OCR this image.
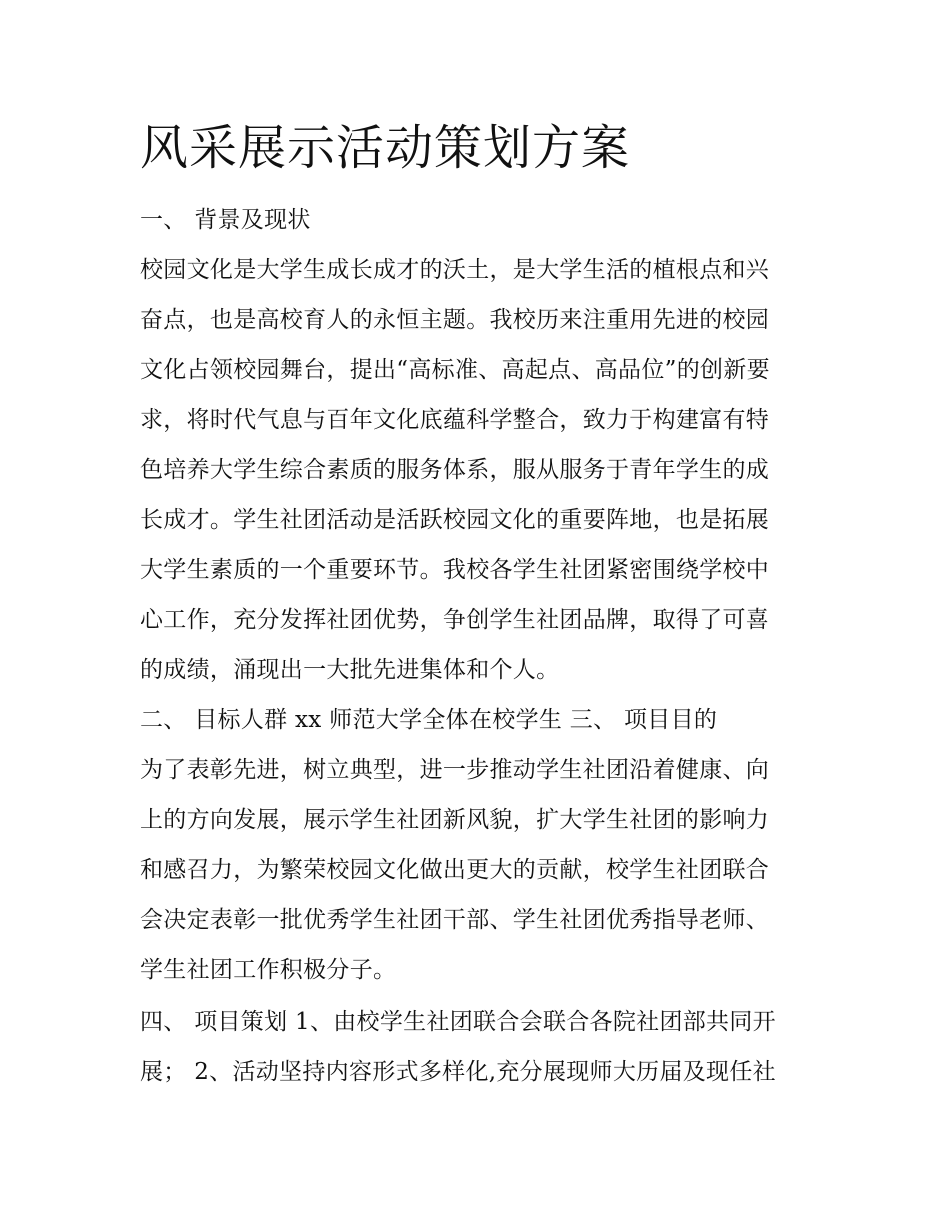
风采展示活动策划方案

一、 背景及现状

校园文化是大学生成长成才的沃土，是大学生活的植根点和兴

奋点，也是高校育人的永恒主题。我校历来注重用先进的校园

文化占领校园舞台，提出“高标准、高起点、高品位”的创新要

求，将时代气息与百年文化底蕴科学整合，致力于构建富有特

色培养大学生综合素质的服务体系，服从服务于青年学生的成

长成才。学生社团活动是活跃校园文化的重要阵地，也是拓展

大学生素质的一个重要环节。我校各学生社团紧密围绕学校中

心工作，充分发挥社团优势，争创学生社团品牌，取得了可喜

的成绩，涌现出一大批先进集体和个人。

二、 目标人群 xx 师范大学全体在校学生 三、 项目目的

为了表彰先进，树立典型，进一步推动学生社团沿着健康、向

上的方向发展，展示学生社团新风貌，扩大学生社团的影响力

和感召力，为繁荣校园文化做出更大的贡献，校学生社团联合

会决定表彰一批优秀学生社团干部、学生社团优秀指导老师、

学生社团工作积极分子。

四、 项目策划 1、由校学生社团联合会联合各院社团部共同开

展； 2、活动坚持内容形式多样化,充分展现师大历届及现任社
